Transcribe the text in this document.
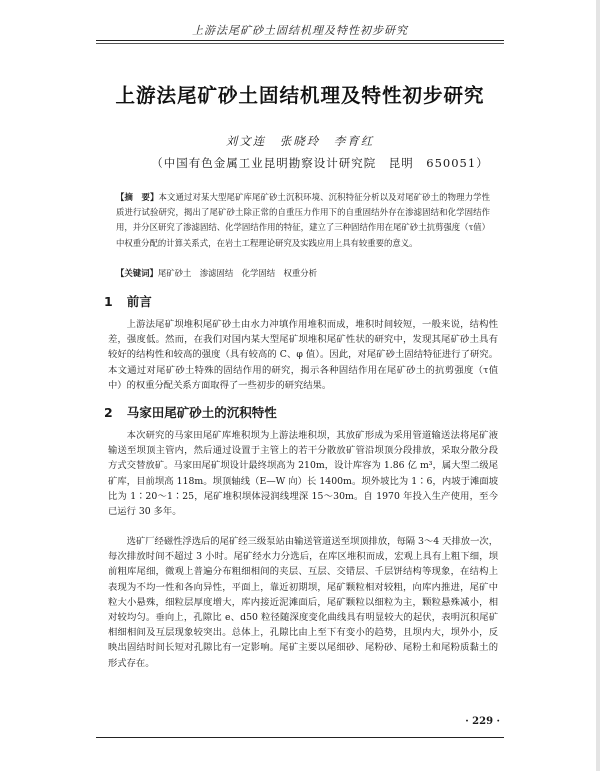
上游法尾矿砂土固结机理及特性初步研究
上游法尾矿砂土固结机理及特性初步研究
刘文连　张晓玲　李育红
（中国有色金属工业昆明勘察设计研究院　昆明　650051）
【摘　要】本文通过对某大型尾矿库尾矿砂土沉积环境、沉积特征分析以及对尾矿砂土的物理力学性质进行试验研究，揭出了尾矿砂土除正常的自重压力作用下的自重固结外存在渗滤固结和化学固结作用，并分区研究了渗滤固结、化学固结作用的特征，建立了三种固结作用在尾矿砂土抗剪强度（τ值）中权重分配的计算关系式，在岩土工程理论研究及实践应用上具有较重要的意义。
【关键词】尾矿砂土　渗滤固结　化学固结　权重分析
1 前言
上游法尾矿坝堆积尾矿砂土由水力冲填作用堆积而成，堆积时间较短，一般来说，结构性差，强度低。然而，在我们对国内某大型尾矿坝堆积尾矿性状的研究中，发现其尾矿砂土具有较好的结构性和较高的强度（具有较高的 C、φ 值）。因此，对尾矿砂土固结特征进行了研究。本文通过对尾矿砂土特殊的固结作用的研究，揭示各种固结作用在尾矿砂土的抗剪强度（τ值中）的权重分配关系方面取得了一些初步的研究结果。
2 马家田尾矿砂土的沉积特性
本次研究的马家田尾矿库堆积坝为上游法堆积坝，其放矿形成为采用管道输送法将尾矿液输送至坝顶主管内，然后通过设置于主管上的若干分散放矿管沿坝顶分段排放，采取分散分段方式交替放矿。马家田尾矿坝设计最终坝高为 210m，设计库容为 1.86 亿 m³，属大型二级尾矿库，目前坝高 118m。坝顶轴线（E—W 向）长 1400m。坝外坡比为 1∶6，内坡于滩面坡比为 1∶20～1∶25，尾矿堆积坝体浸润线埋深 15～30m。自 1970 年投入生产使用，至今已运行 30 多年。
选矿厂经磁性浮选后的尾矿经三级泵站由输送管道送至坝顶排放，每隔 3～4 天排放一次，每次排放时间不超过 3 小时。尾矿经水力分选后，在库区堆积而成，宏观上具有上粗下细，坝前粗库尾细，微观上普遍分布粗细相间的夹层、互层、交错层、千层饼结构等现象，在结构上表现为不均一性和各向异性，平面上，靠近初期坝，尾矿颗粒相对较粗，向库内推进，尾矿中粒大小悬殊，细粒层厚度增大，库内接近泥滩面后，尾矿颗粒以细粒为主，颗粒悬殊减小，相对较均匀。垂向上，孔隙比 e、d50 粒径随深度变化曲线具有明显较大的起伏，表明沉积尾矿相细相间及互层现象较突出。总体上，孔隙比由上至下有变小的趋势，且坝内大，坝外小，反映出固结时间长短对孔隙比有一定影响。尾矿主要以尾细砂、尾粉砂、尾粉土和尾粉质黏土的形式存在。
· 229 ·
